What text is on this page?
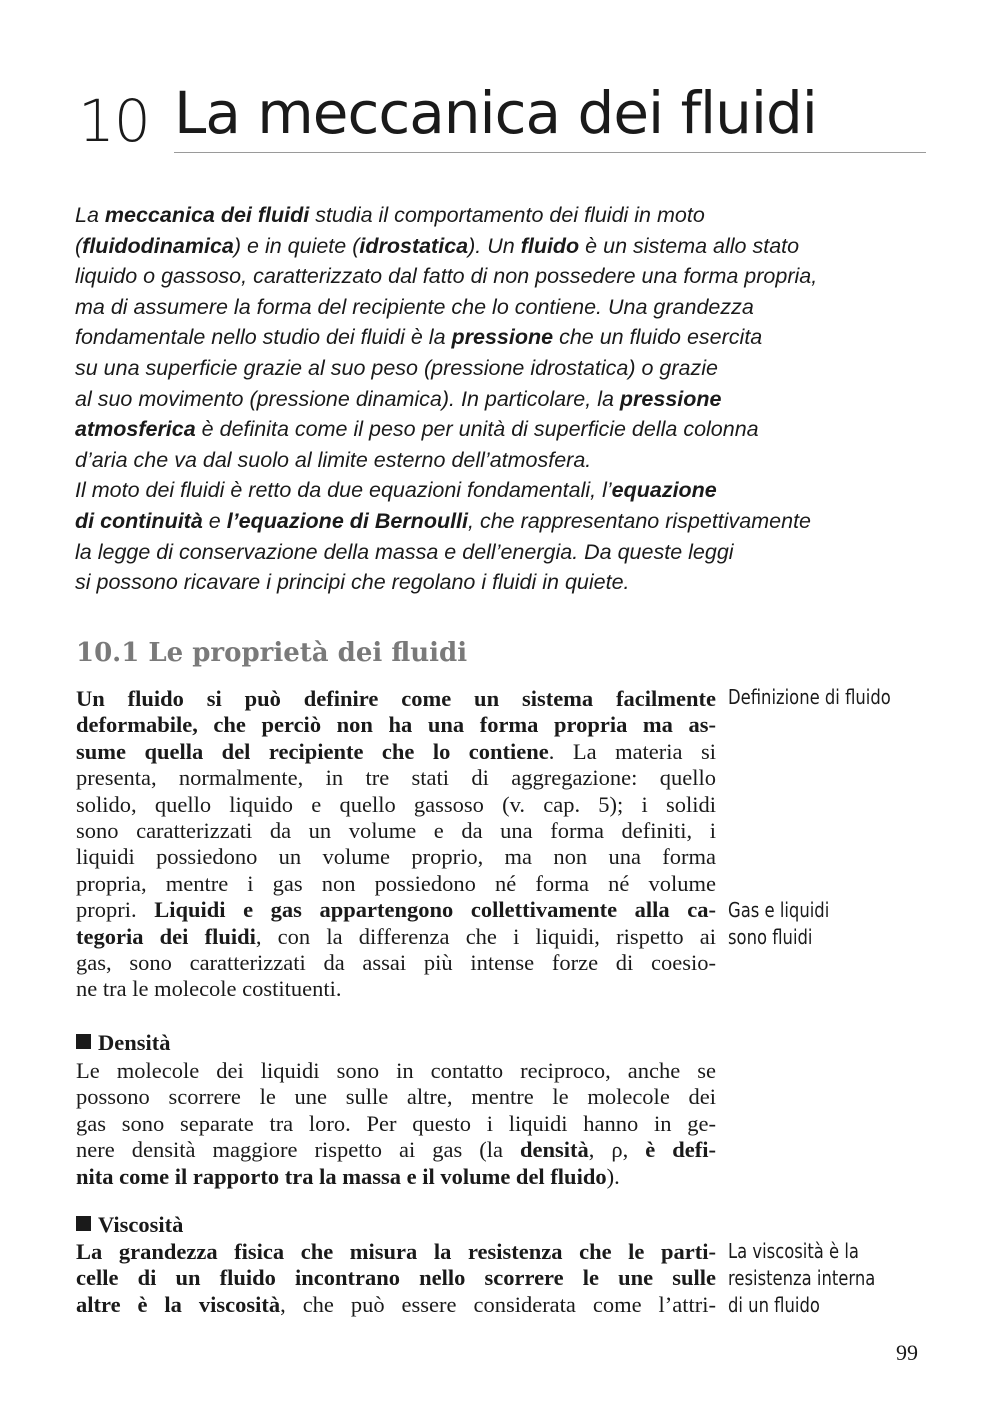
10 La meccanica dei fluidi

La meccanica dei fluidi studia il comportamento dei fluidi in moto
(fluidodinamica) e in quiete (idrostatica). Un fluido è un sistema allo stato
liquido o gassoso, caratterizzato dal fatto di non possedere una forma propria,
ma di assumere la forma del recipiente che lo contiene. Una grandezza
fondamentale nello studio dei fluidi è la pressione che un fluido esercita
su una superficie grazie al suo peso (pressione idrostatica) o grazie
al suo movimento (pressione dinamica). In particolare, la pressione
atmosferica è definita come il peso per unità di superficie della colonna
d’aria che va dal suolo al limite esterno dell’atmosfera.
Il moto dei fluidi è retto da due equazioni fondamentali, l’equazione
di continuità e l’equazione di Bernoulli, che rappresentano rispettivamente
la legge di conservazione della massa e dell’energia. Da queste leggi
si possono ricavare i principi che regolano i fluidi in quiete.

10.1 Le proprietà dei fluidi
Un fluido si può definire come un sistema facilmente
deformabile, che perciò non ha una forma propria ma as-
sume quella del recipiente che lo contiene. La materia si
presenta, normalmente, in tre stati di aggregazione: quello
solido, quello liquido e quello gassoso (v. cap. 5); i solidi
sono caratterizzati da un volume e da una forma definiti, i
liquidi possiedono un volume proprio, ma non una forma
propria, mentre i gas non possiedono né forma né volume
propri. Liquidi e gas appartengono collettivamente alla ca-
tegoria dei fluidi, con la differenza che i liquidi, rispetto ai
gas, sono caratterizzati da assai più intense forze di coesio-
ne tra le molecole costituenti.
Densità
Le molecole dei liquidi sono in contatto reciproco, anche se
possono scorrere le une sulle altre, mentre le molecole dei
gas sono separate tra loro. Per questo i liquidi hanno in ge-
nere densità maggiore rispetto ai gas (la densità, ρ, è defi-
nita come il rapporto tra la massa e il volume del fluido).
Viscosità
La grandezza fisica che misura la resistenza che le parti-
celle di un fluido incontrano nello scorrere le une sulle
altre è la viscosità, che può essere considerata come l’attri-
Definizione di fluido
Gas e liquidi
sono fluidi
La viscosità è la
resistenza interna
di un fluido
99
